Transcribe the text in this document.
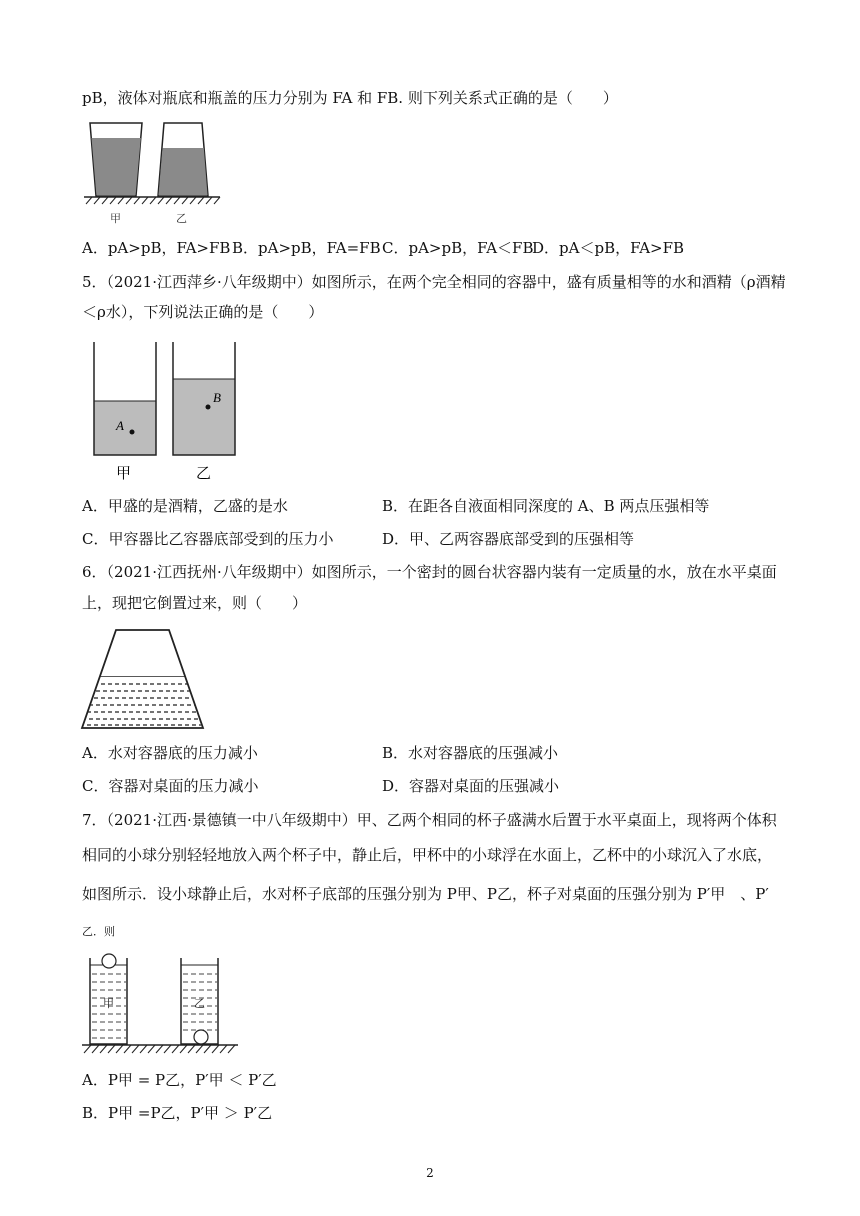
pB，液体对瓶底和瓶盖的压力分别为 FA 和 FB. 则下列关系式正确的是（　　）
甲	乙
A．pA>pB，FA>FB B．pA>pB，FA=FB C．pA>pB，FA＜FB
D．pA＜pB，FA>FB
5．（2021·江西萍乡·八年级期中）如图所示，在两个完全相同的容器中，盛有质量相等的水和酒精（ρ酒精
＜ρ水），下列说法正确的是（　　）
A
B
甲	乙
A．甲盛的是酒精，乙盛的是水	B．在距各自液面相同深度的 A、B 两点压强相等
C．甲容器比乙容器底部受到的压力小	D．甲、乙两容器底部受到的压强相等
6．（2021·江西抚州·八年级期中）如图所示，一个密封的圆台状容器内装有一定质量的水，放在水平桌面
上，现把它倒置过来，则（　　）
A．水对容器底的压力减小	B．水对容器底的压强减小
C．容器对桌面的压力减小	D．容器对桌面的压强减小
7．（2021·江西·景德镇一中八年级期中）甲、乙两个相同的杯子盛满水后置于水平桌面上，现将两个体积
相同的小球分别轻轻地放入两个杯子中，静止后，甲杯中的小球浮在水面上，乙杯中的小球沉入了水底，
如图所示．设小球静止后，水对杯子底部的压强分别为 P甲、P乙，杯子对桌面的压强分别为 P′甲　、P′
乙．则
甲	乙
A．P甲 = P乙，P′甲 ＜ P′乙
B．P甲 =P乙，P′甲 ＞ P′乙
2
